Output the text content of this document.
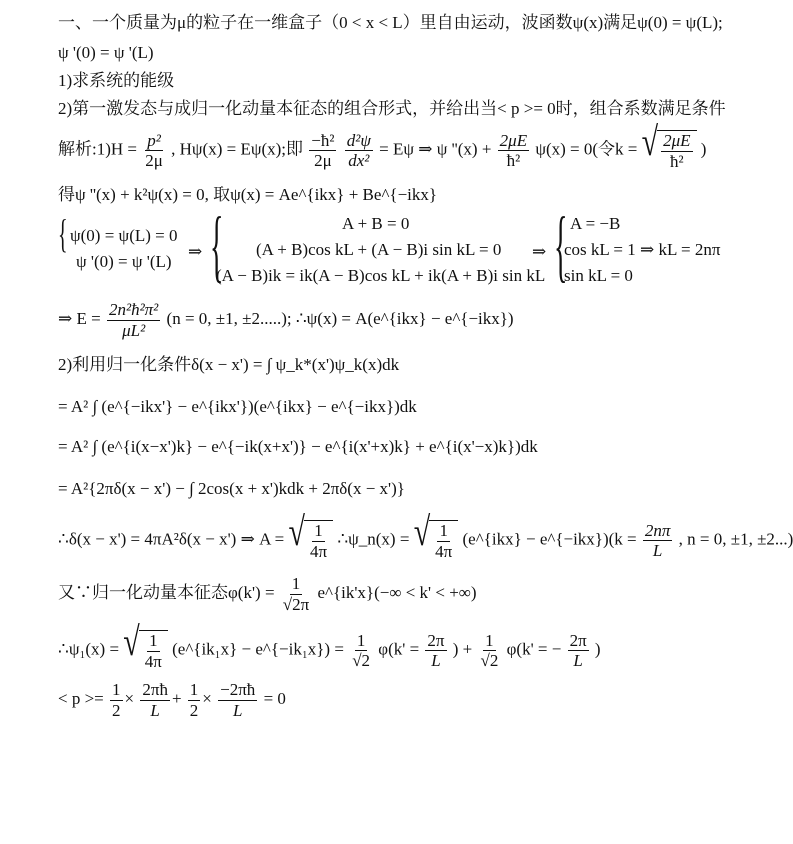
一、一个质量为μ的粒子在一维盒子（0 < x < L）里自由运动，波函数ψ(x)满足ψ(0) = ψ(L);
ψ '(0) = ψ '(L)
1)求系统的能级
2)第一激发态与成归一化动量本征态的组合形式，并给出当< p >= 0时，组合系数满足条件
解析:1)H = $\frac{\text{p²}}{2\mu}$ , Hψ(x) = Eψ(x);即 $\frac{\text{−ħ²}}{2\mu}$
$\frac{\text{d²ψ}}{\text{dx²}} = E\psi$ ⇒ ψ ''$(x) + \frac{2\mu E}{\text{ħ²}} \psi(x) = 0$(令k = √ $\frac{2\mu E}{\text{ħ²}}$ )
得ψ ''(x) + k²ψ(x) = 0, 取ψ(x) = Ae^{ikx} + Be^{−ikx}
{ ψ(0) = ψ(L) = 0
ψ '(0) = ψ '(L)
⇒ {	A + B = 0
(A + B)cos kL + (A − B)i sin kL = 0
(A − B)ik = ik(A − B)cos kL + ik(A + B)i sin kL
⇒ { A = −B
cos kL = 1 ⇒ kL = 2nπ
sin kL = 0
⇒ $E = \frac{\text{2n²ħ²π²}}{\text{μL²}} (n = 0$, ±1, ±2.....); ∴ψ(x) = A(e^{ikx} − e^{−ikx})
2)利用归一化条件δ(x − x') = ∫ ψ_k*(x')ψ_k(x)dk
= A² ∫ (e^{−ikx'} − e^{ikx'})(e^{ikx} − e^{−ikx})dk
= A² ∫ (e^{i(x−x')k} − e^{−ik(x+x')} − e^{i(x'+x)k} + e^{i(x'−x)k})dk
= A²{2πδ(x − x') − ∫ 2cos(x + x')kdk + 2πδ(x − x')}
∴δ(x − x') = 4πA²δ(x − x') ⇒ A = √ $\frac{1}{4\pi}$ ∴ψ_n(x) = √ $\frac{1}{4\pi}$ (e^{ikx} − e^{−ikx})(k = $\frac{2n\pi}{L}$ , n = 0, ±1, ±2...)
又∵归一化动量本征态$\varphi(k') = \frac{1}{√2\pi}$ e^{ik'x}(−∞ < k' < +∞)
∴ψ₁(x) = √ $\frac{1}{4\pi}$ (e^{ik₁x} − e^{−ik₁x}) = $\frac{1}{√2} \varphi(k' = \frac{2\pi}{L}$ ) + $\frac{1}{√2} \varphi(k'$ = − $\frac{2\pi}{L}$ )
< $p >= \frac{1}{2} \times \frac{2\pi ħ}{L} + \frac{1}{2} \times \frac{-2\pi ħ}{L} = 0$
